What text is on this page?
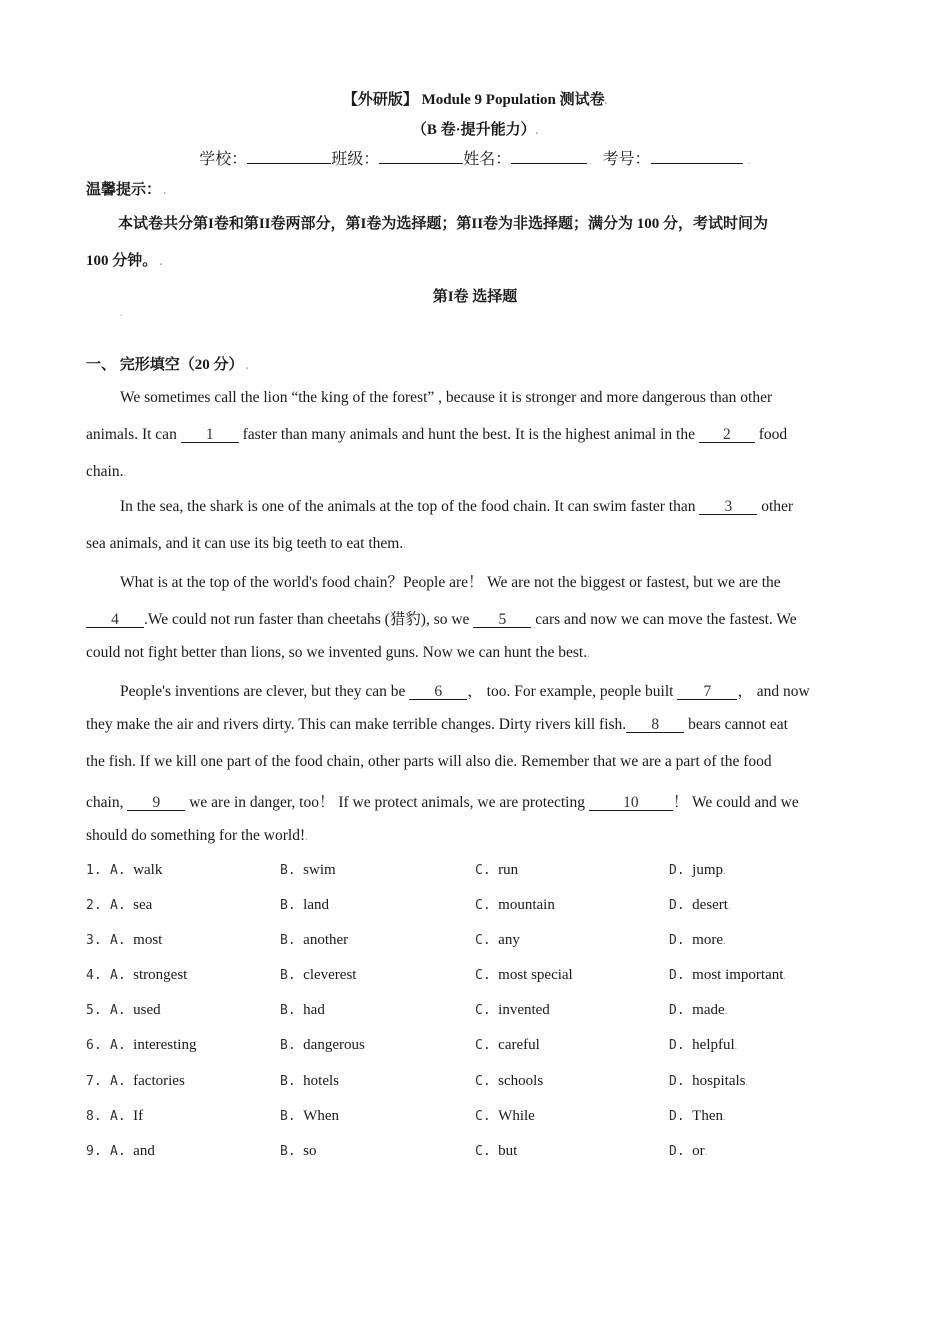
【外研版】 Module 9 Population 测试卷.
（B 卷·提升能力）.
学校：	班级：	姓名：	考号：	.
温馨提示： .
本试卷共分第I卷和第II卷两部分，第I卷为选择题；第II卷为非选择题；满分为 100 分，考试时间为
100 分钟。 .
第I卷 选择题
.
一、 完形填空（20 分） .
We sometimes call the lion “the king of the forest” , because it is stronger and more dangerous than other
animals. It can 1 faster than many animals and hunt the best. It is the highest animal in the 2 food
chain..
In the sea, the shark is one of the animals at the top of the food chain. It can swim faster than 3 other
sea animals, and it can use its big teeth to eat them..
What is at the top of the world's food chain？People are！ We are not the biggest or fastest, but we are the
4 .We could not run faster than cheetahs (猎豹), so we 5 cars and now we can move the fastest. We
could not fight better than lions, so we invented guns. Now we can hunt the best..
People's inventions are clever, but they can be 6 ， too. For example, people built 7 ， and now
they make the air and rivers dirty. This can make terrible changes. Dirty rivers kill fish. 8 bears cannot eat
the fish. If we kill one part of the food chain, other parts will also die. Remember that we are a part of the food
chain, 9 we are in danger, too！ If we protect animals, we are protecting 10 ！ We could and we
should do something for the world!.
1. A. walk	B. swim	C. run	D. jump.
2. A. sea	B. land	C. mountain	D. desert.
3. A. most	B. another	C. any	D. more.
4. A. strongest	B. cleverest	C. most special	D. most important.
5. A. used	B. had	C. invented	D. made.
6. A. interesting	B. dangerous	C. careful	D. helpful.
7. A. factories	B. hotels	C. schools	D. hospitals.
8. A. If	B. When	C. While	D. Then.
9. A. and	B. so	C. but	D. or.
